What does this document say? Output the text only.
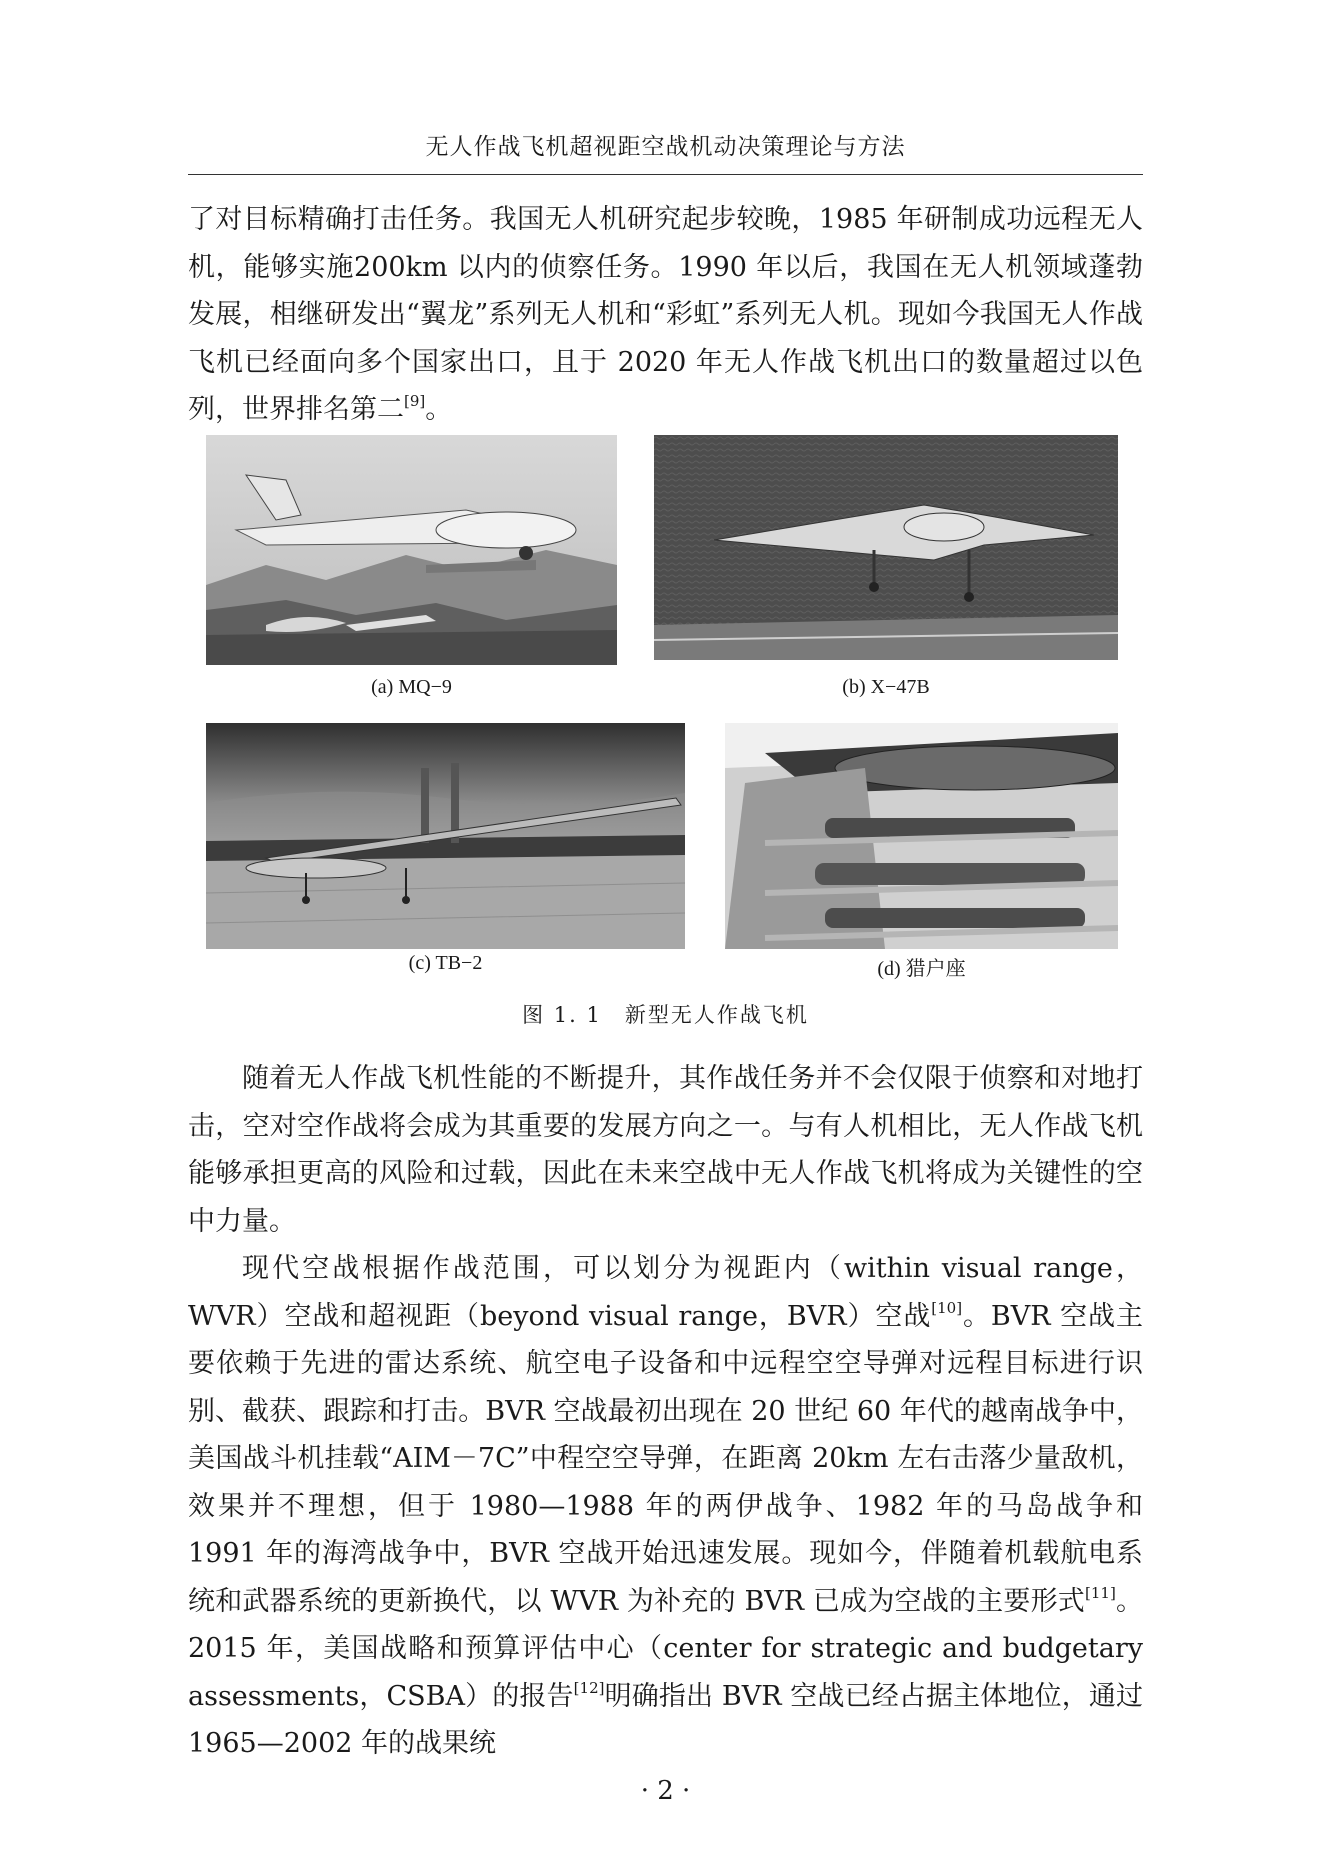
无人作战飞机超视距空战机动决策理论与方法

了对目标精确打击任务。我国无人机研究起步较晚，1985 年研制成功远程无人机，能够实施200km 以内的侦察任务。1990 年以后，我国在无人机领域蓬勃发展，相继研发出“翼龙”系列无人机和“彩虹”系列无人机。现如今我国无人作战飞机已经面向多个国家出口，且于 2020 年无人作战飞机出口的数量超过以色列，世界排名第二[9]。

(a) MQ−9	(b) X−47B
(c) TB−2	(d) 猎户座
图 1. 1　新型无人作战飞机

随着无人作战飞机性能的不断提升，其作战任务并不会仅限于侦察和对地打击，空对空作战将会成为其重要的发展方向之一。与有人机相比，无人作战飞机能够承担更高的风险和过载，因此在未来空战中无人作战飞机将成为关键性的空中力量。

现代空战根据作战范围，可以划分为视距内（within visual range，WVR）空战和超视距（beyond visual range，BVR）空战[10]。BVR 空战主要依赖于先进的雷达系统、航空电子设备和中远程空空导弹对远程目标进行识别、截获、跟踪和打击。BVR 空战最初出现在 20 世纪 60 年代的越南战争中，美国战斗机挂载“AIM－7C”中程空空导弹，在距离 20km 左右击落少量敌机，效果并不理想，但于 1980—1988 年的两伊战争、1982 年的马岛战争和 1991 年的海湾战争中，BVR 空战开始迅速发展。现如今，伴随着机载航电系统和武器系统的更新换代，以 WVR 为补充的 BVR 已成为空战的主要形式[11]。2015 年，美国战略和预算评估中心（center for strategic and budgetary assessments，CSBA）的报告[12]明确指出 BVR 空战已经占据主体地位，通过 1965—2002 年的战果统

· 2 ·
